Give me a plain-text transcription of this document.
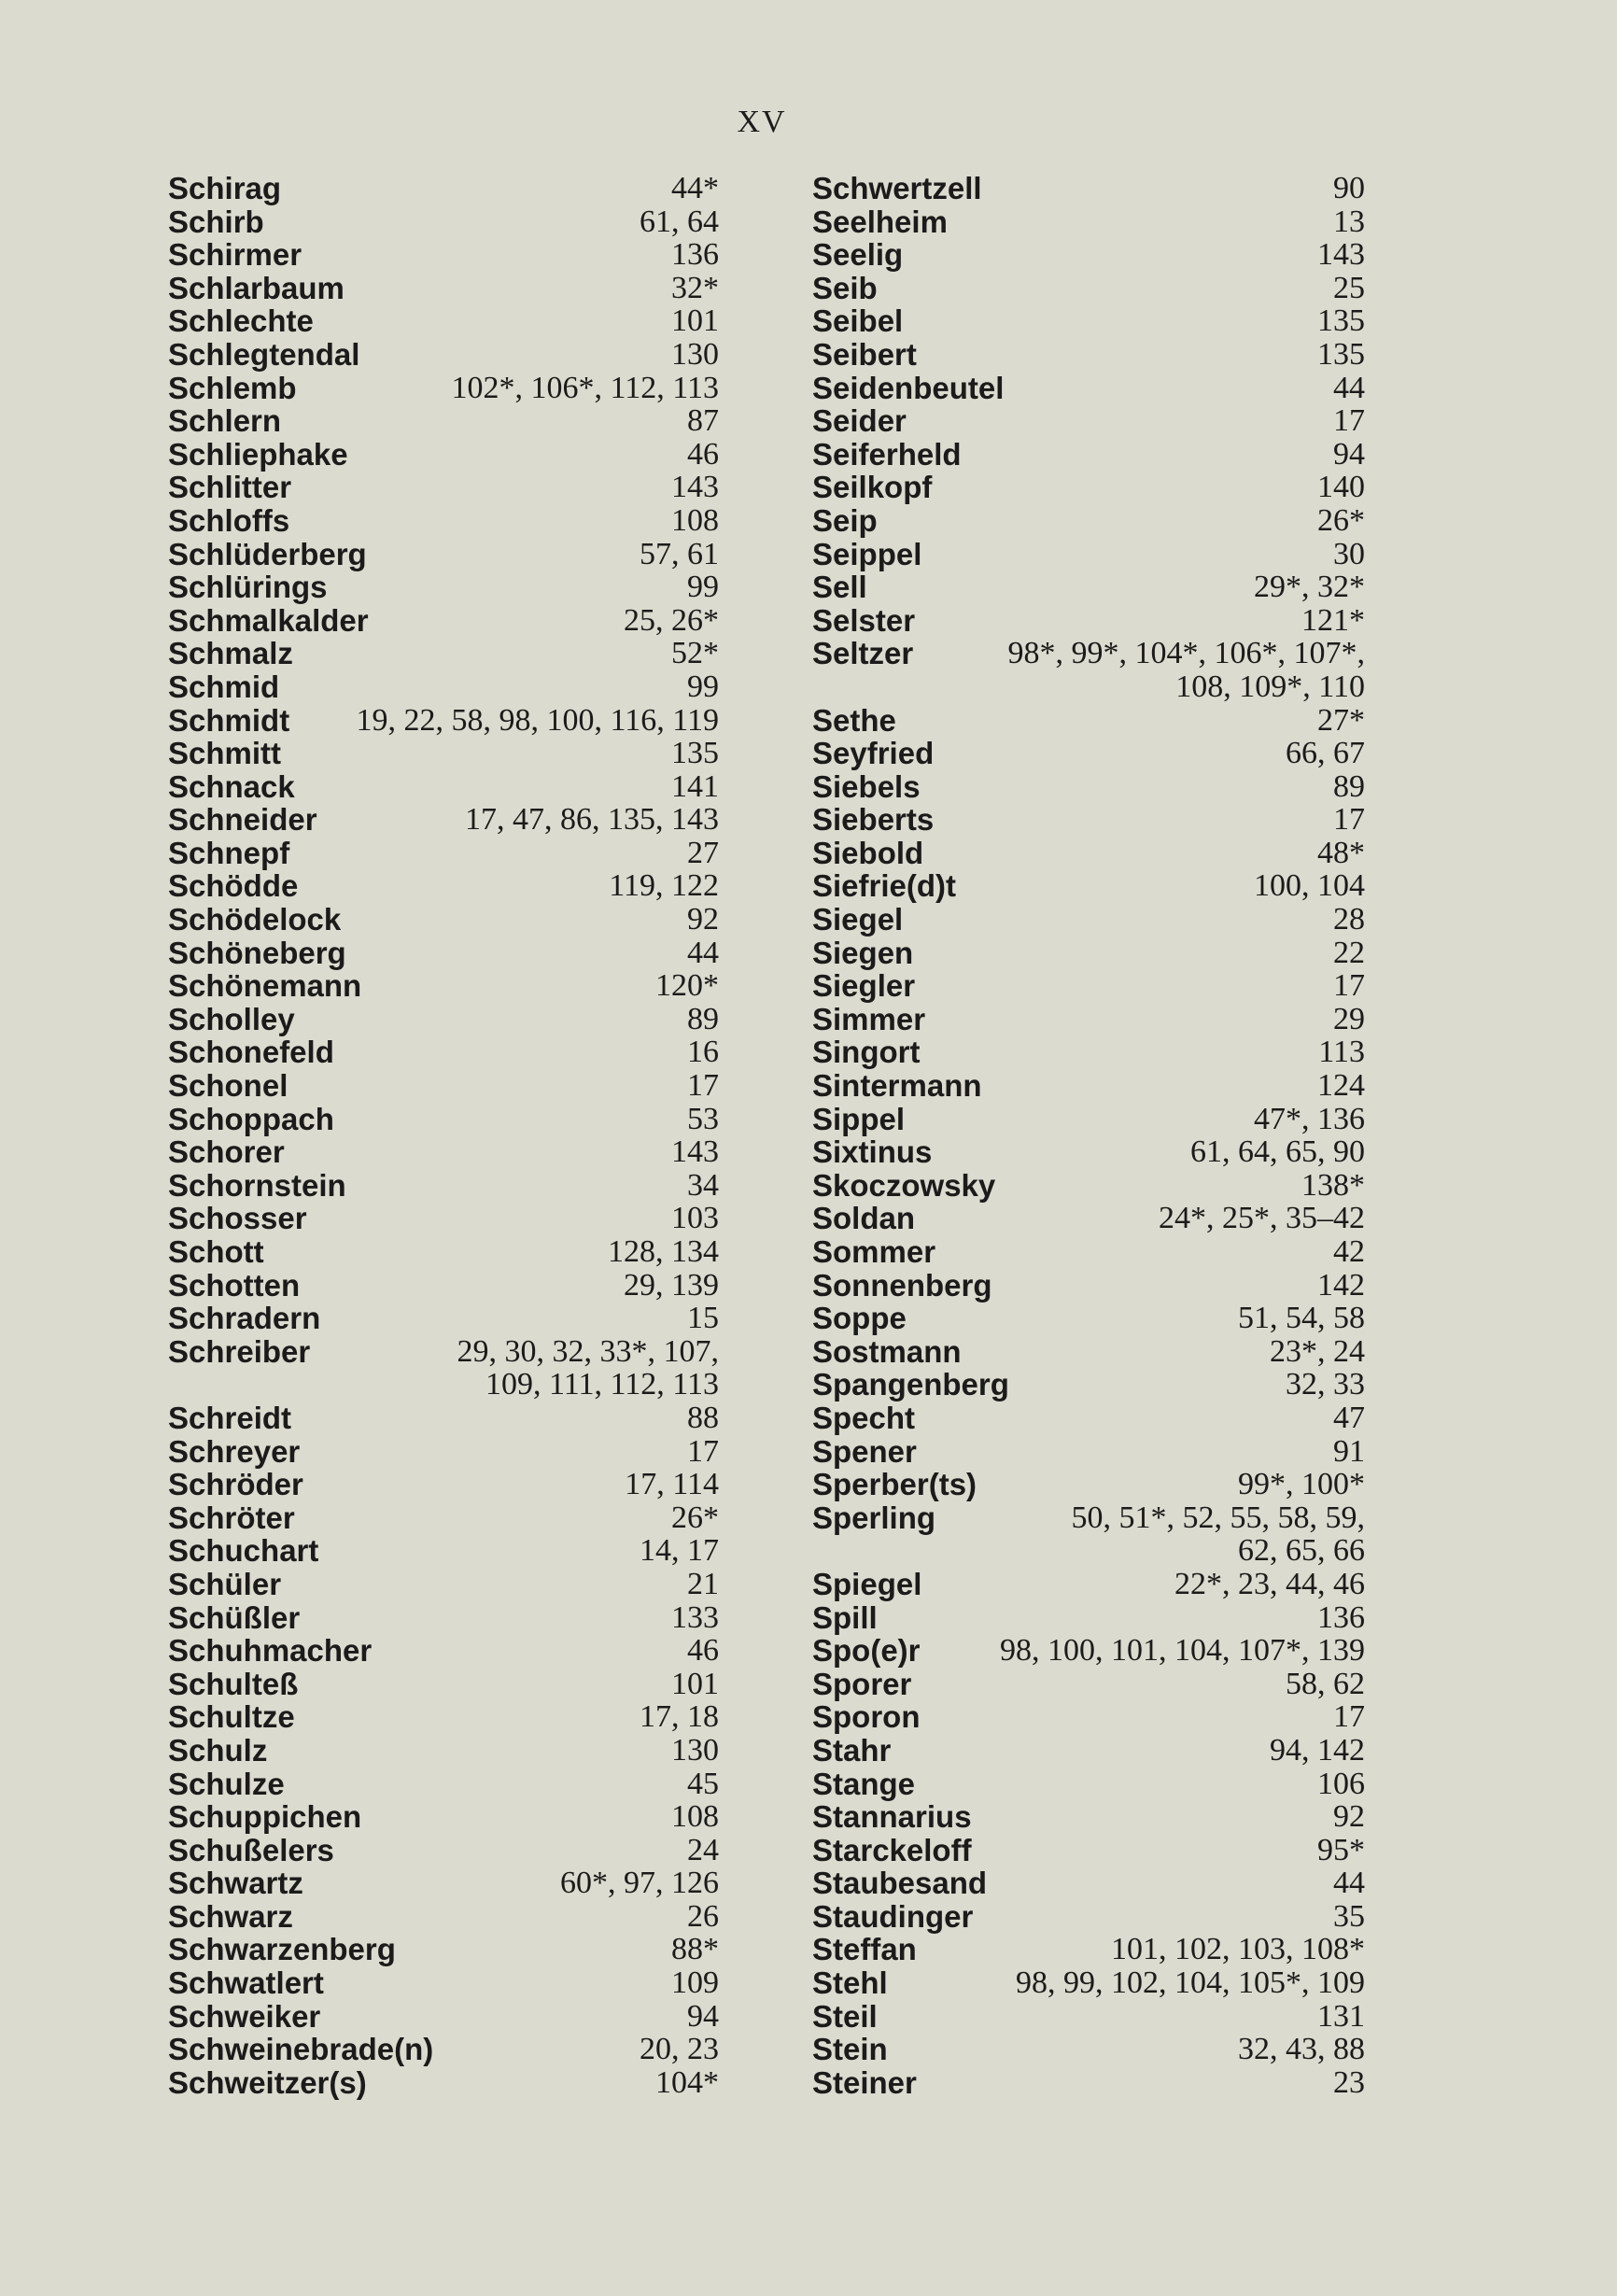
XV
Schirag	44*
Schirb	61, 64
Schirmer	136
Schlarbaum	32*
Schlechte	101
Schlegtendal	130
Schlemb	102*, 106*, 112, 113
Schlern	87
Schliephake	46
Schlitter	143
Schloffs	108
Schlüderberg	57, 61
Schlürings	99
Schmalkalder	25, 26*
Schmalz	52*
Schmid	99
Schmidt	19, 22, 58, 98, 100, 116, 119
Schmitt	135
Schnack	141
Schneider	17, 47, 86, 135, 143
Schnepf	27
Schödde	119, 122
Schödelock	92
Schöneberg	44
Schönemann	120*
Scholley	89
Schonefeld	16
Schonel	17
Schoppach	53
Schorer	143
Schornstein	34
Schosser	103
Schott	128, 134
Schotten	29, 139
Schradern	15
Schreiber	29, 30, 32, 33*, 107,
109, 111, 112, 113
Schreidt	88
Schreyer	17
Schröder	17, 114
Schröter	26*
Schuchart	14, 17
Schüler	21
Schüßler	133
Schuhmacher	46
Schulteß	101
Schultze	17, 18
Schulz	130
Schulze	45
Schuppichen	108
Schußelers	24
Schwartz	60*, 97, 126
Schwarz	26
Schwarzenberg	88*
Schwatlert	109
Schweiker	94
Schweinebrade(n)	20, 23
Schweitzer(s)	104*
Schwertzell	90
Seelheim	13
Seelig	143
Seib	25
Seibel	135
Seibert	135
Seidenbeutel	44
Seider	17
Seiferheld	94
Seilkopf	140
Seip	26*
Seippel	30
Sell	29*, 32*
Selster	121*
Seltzer	98*, 99*, 104*, 106*, 107*,
108, 109*, 110
Sethe	27*
Seyfried	66, 67
Siebels	89
Sieberts	17
Siebold	48*
Siefrie(d)t	100, 104
Siegel	28
Siegen	22
Siegler	17
Simmer	29
Singort	113
Sintermann	124
Sippel	47*, 136
Sixtinus	61, 64, 65, 90
Skoczowsky	138*
Soldan	24*, 25*, 35–42
Sommer	42
Sonnenberg	142
Soppe	51, 54, 58
Sostmann	23*, 24
Spangenberg	32, 33
Specht	47
Spener	91
Sperber(ts)	99*, 100*
Sperling	50, 51*, 52, 55, 58, 59,
62, 65, 66
Spiegel	22*, 23, 44, 46
Spill	136
Spo(e)r	98, 100, 101, 104, 107*, 139
Sporer	58, 62
Sporon	17
Stahr	94, 142
Stange	106
Stannarius	92
Starckeloff	95*
Staubesand	44
Staudinger	35
Steffan	101, 102, 103, 108*
Stehl	98, 99, 102, 104, 105*, 109
Steil	131
Stein	32, 43, 88
Steiner	23
